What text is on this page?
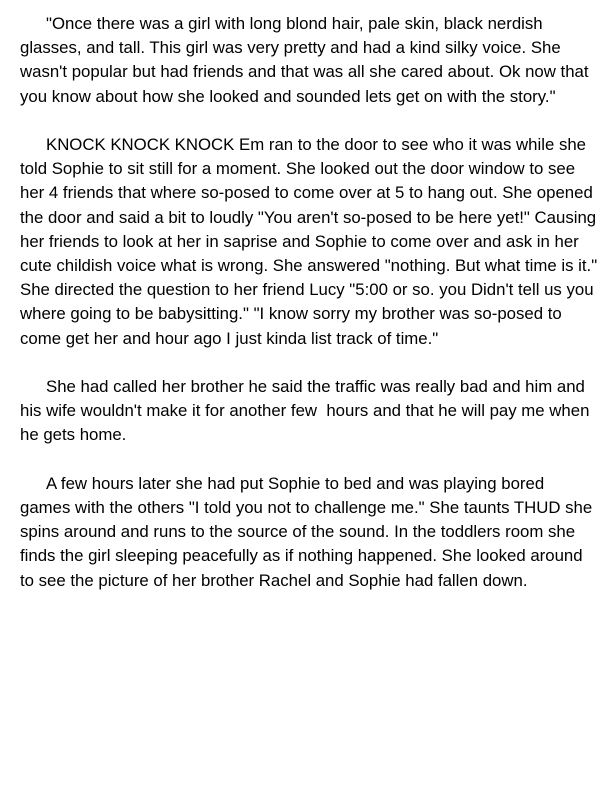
"Once there was a girl with long blond hair, pale skin, black nerdish glasses, and tall. This girl was very pretty and had a kind silky voice. She wasn't popular but had friends and that was all she cared about. Ok now that you know about how she looked and sounded lets get on with the story."

KNOCK KNOCK KNOCK Em ran to the door to see who it was while she told Sophie to sit still for a moment. She looked out the door window to see her 4 friends that where so-posed to come over at 5 to hang out. She opened the door and said a bit to loudly "You aren't so-posed to be here yet!" Causing her friends to look at her in saprise and Sophie to come over and ask in her cute childish voice what is wrong. She answered "nothing. But what time is it." She directed the question to her friend Lucy "5:00 or so. you Didn't tell us you where going to be babysitting." "I know sorry my brother was so-posed to come get her and hour ago I just kinda list track of time."

She had called her brother he said the traffic was really bad and him and his wife wouldn't make it for another few  hours and that he will pay me when he gets home.

A few hours later she had put Sophie to bed and was playing bored games with the others "I told you not to challenge me." She taunts THUD she spins around and runs to the source of the sound. In the toddlers room she finds the girl sleeping peacefully as if nothing happened. She looked around to see the picture of her brother Rachel and Sophie had fallen down.
